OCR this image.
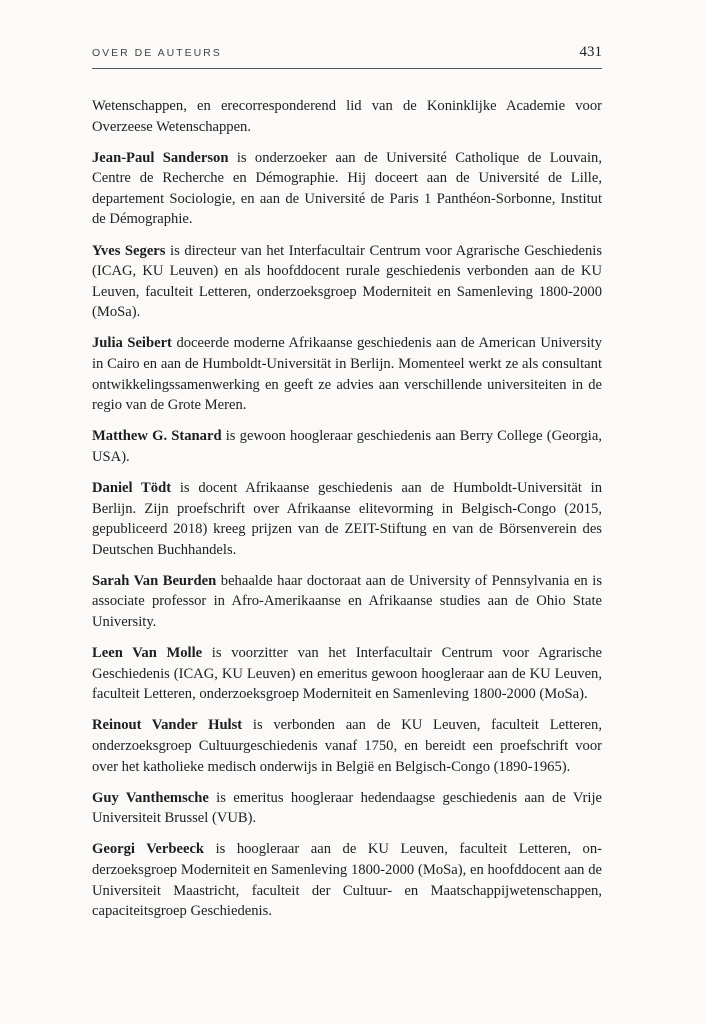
OVER DE AUTEURS	431

Wetenschappen, en erecorresponderend lid van de Koninklijke Academie voor Overzeese Wetenschappen.

Jean-Paul Sanderson is onderzoeker aan de Université Catholique de Louvain, Centre de Recherche en Démographie. Hij doceert aan de Université de Lille, departement Sociologie, en aan de Université de Paris 1 Panthéon-Sorbonne, Institut de Démographie.

Yves Segers is directeur van het Interfacultair Centrum voor Agrarische Geschiedenis (ICAG, KU Leuven) en als hoofddocent rurale geschiedenis verbonden aan de KU Leuven, faculteit Letteren, onderzoeksgroep Moderniteit en Samenleving 1800-2000 (MoSa).

Julia Seibert doceerde moderne Afrikaanse geschiedenis aan de American University in Cairo en aan de Humboldt-Universität in Berlijn. Momenteel werkt ze als consultant ontwikkelingssamenwerking en geeft ze advies aan verschillende universiteiten in de regio van de Grote Meren.

Matthew G. Stanard is gewoon hoogleraar geschiedenis aan Berry College (Georgia, USA).

Daniel Tödt is docent Afrikaanse geschiedenis aan de Humboldt-Universität in Berlijn. Zijn proefschrift over Afrikaanse elitevorming in Belgisch-Congo (2015, gepubliceerd 2018) kreeg prijzen van de ZEIT-Stiftung en van de Börsenverein des Deutschen Buchhandels.

Sarah Van Beurden behaalde haar doctoraat aan de University of Pennsylvania en is associate professor in Afro-Amerikaanse en Afrikaanse studies aan de Ohio State University.

Leen Van Molle is voorzitter van het Interfacultair Centrum voor Agrarische Geschiedenis (ICAG, KU Leuven) en emeritus gewoon hoogleraar aan de KU Leuven, faculteit Letteren, onderzoeksgroep Moderniteit en Samenleving 1800-2000 (MoSa).

Reinout Vander Hulst is verbonden aan de KU Leuven, faculteit Letteren, onderzoeksgroep Cultuurgeschiedenis vanaf 1750, en bereidt een proefschrift voor over het katholieke medisch onderwijs in België en Belgisch-Congo (1890-1965).

Guy Vanthemsche is emeritus hoogleraar hedendaagse geschiedenis aan de Vrije Universiteit Brussel (VUB).

Georgi Verbeeck is hoogleraar aan de KU Leuven, faculteit Letteren, onderzoeksgroep Moderniteit en Samenleving 1800-2000 (MoSa), en hoofddocent aan de Universiteit Maastricht, faculteit der Cultuur- en Maatschappijwetenschappen, capaciteitsgroep Geschiedenis.
